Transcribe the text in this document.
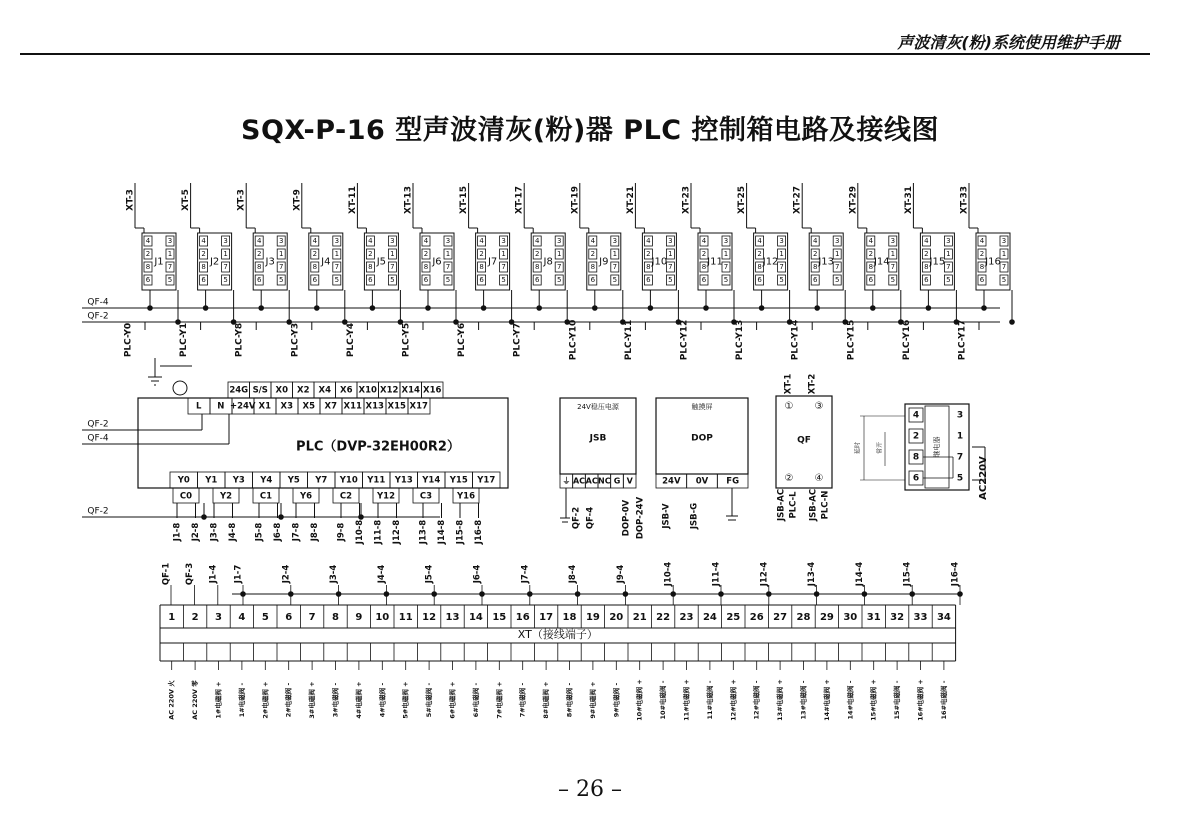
声波清灰(粉)系统使用维护手册
SQX-P-16 型声波清灰(粉)器 PLC 控制箱电路及接线图
QF-4
QF-2
4	3
2	1
8	7
6	5
J1
XT-3
PLC-Y0
4	3
2	1
8	7
6	5
J2
XT-5
PLC-Y1
4	3
2	1
8	7
6	5
J3
XT-3
PLC-Y8
4	3
2	1
8	7
6	5
J4
XT-9
PLC-Y3
4	3
2	1
8	7
6	5
J5
XT-11
PLC-Y4
4	3
2	1
8	7
6	5
J6
XT-13
PLC-Y5
4	3
2	1
8	7
6	5
J7
XT-15
PLC-Y6
4	3
2	1
8	7
6	5
J8
XT-17
PLC-Y7
4	3
2	1
8	7
6	5
J9
XT-19
PLC-Y10
4	3
2	1
8	7
6	5
J10
XT-21
PLC-Y11
4	3
2	1
8	7
6	5
J11
XT-23
PLC-Y12
4	3
2	1
8	7
6	5
J12
XT-25
PLC-Y13
4	3
2	1
8	7
6	5
J13
XT-27
PLC-Y14
4	3
2	1
8	7
6	5
J14
XT-29
PLC-Y15
4	3
2	1
8	7
6	5
J15
XT-31
PLC-Y16
4	3
2	1
8	7
6	5
J16
XT-33
PLC-Y17
24G S/S X0 X2 X4 X6 X10 X12 X14 X16
L N +24V X1 X3 X5 X7 X11 X13 X15 X17
QF-2
QF-4
PLC（DVP-32EH00R2）
Y0 Y1 Y3 Y4 Y5 Y7 Y10 Y11 Y13 Y14 Y15 Y17
C0	Y2	C1	Y6	C2	Y12	C3	Y16
QF-2
J1-8 J2-8 J3-8 J4-8 J5-8 J6-8 J7-8 J8-8 J9-8 J10-8 J11-8 J12-8 J13-8 J14-8 J15-8 J16-8
24V稳压电源
JSB
⏚ AC AC NC G V
QF-2 QF-4	DOP-0V DOP-24V
触摸屏
DOP
24V 0V FG
JSB-V JSB-G
XT-1 XT-2
① ③
QF
② ④
JSB-AC PLC-L JSB-AC PLC-N
4
2
8
6
3
1
7
5
继电器
延时	常开
AC220V
1
AC 220V 火
2
AC 220V 零
3
1#电磁阀 +
4
1#电磁阀 -
5
2#电磁阀 +
6
2#电磁阀 -
7
3#电磁阀 +
8
3#电磁阀 -
9
4#电磁阀 +
10
4#电磁阀 -
11
5#电磁阀 +
12
5#电磁阀 -
13
6#电磁阀 +
14
6#电磁阀 -
15
7#电磁阀 +
16
7#电磁阀 -
17
8#电磁阀 +
18
8#电磁阀 -
19
9#电磁阀 +
20
9#电磁阀 -
21
10#电磁阀 +
22
10#电磁阀 -
23
11#电磁阀 +
24
11#电磁阀 -
25
12#电磁阀 +
26
12#电磁阀 -
27
13#电磁阀 +
28
13#电磁阀 -
29
14#电磁阀 +
30
14#电磁阀 -
31
15#电磁阀 +
32
15#电磁阀 -
33
16#电磁阀 +
34
16#电磁阀 -
XT（接线端子）
QF-1 QF-3 J1-4 J1-7	J2-4	J3-4	J4-4	J5-4	J6-4	J7-4	J8-4	J9-4	J10-4	J11-4	J12-4	J13-4	J14-4	J15-4	J16-4
– 26 –
